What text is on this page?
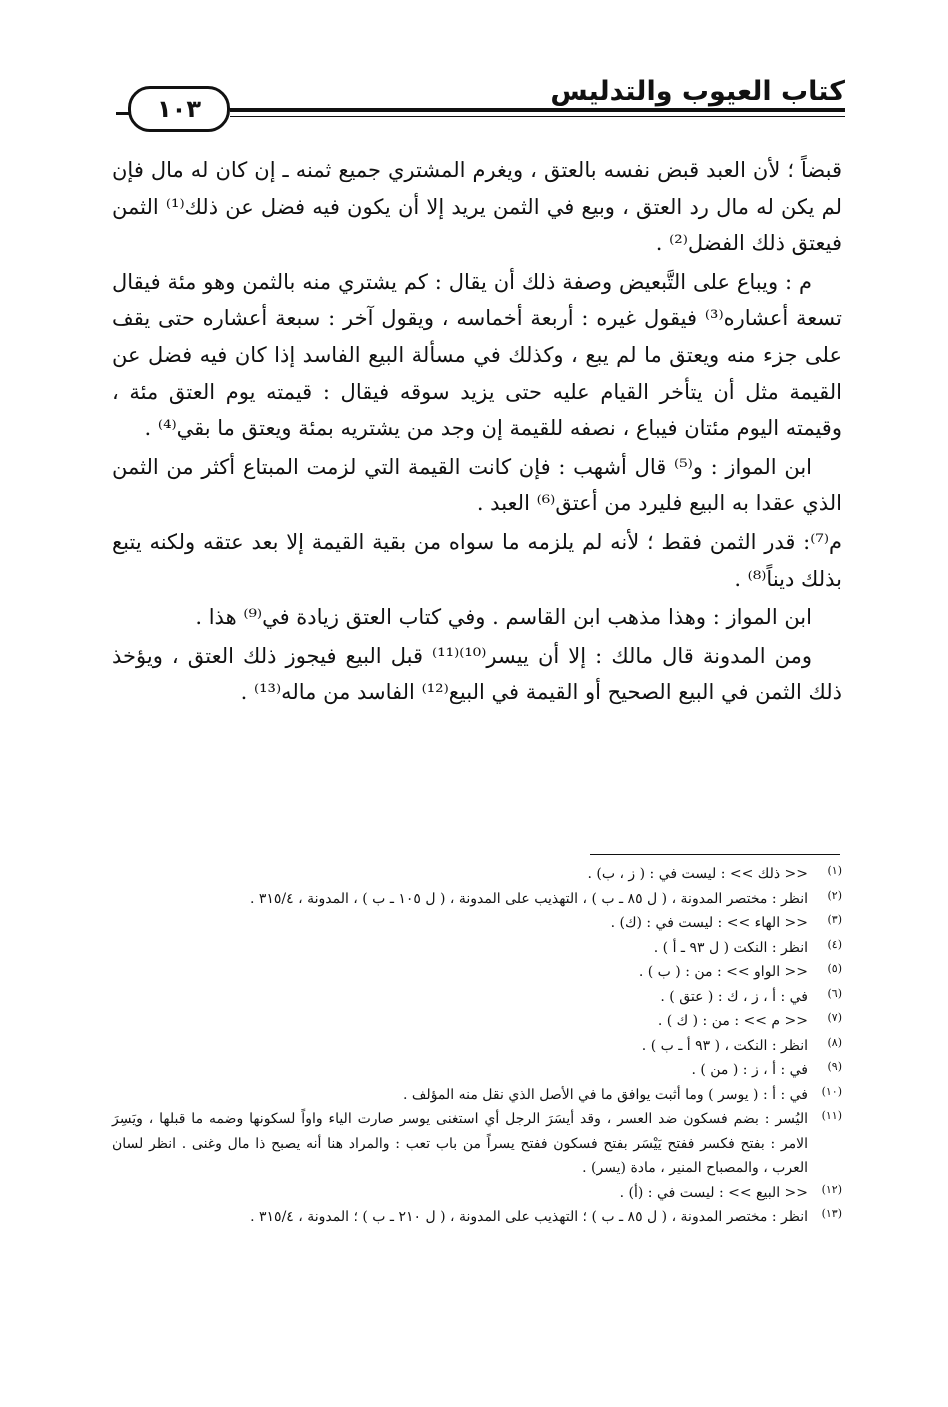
كتاب العيوب والتدليس
١٠٣

قبضاً ؛ لأن العبد قبض نفسه بالعتق ، ويغرم المشتري جميع ثمنه ـ إن كان له مال فإن لم يكن له مال رد العتق ، وبيع في الثمن يريد إلا أن يكون فيه فضل عن ذلك⁽¹⁾ الثمن فيعتق ذلك الفضل⁽²⁾ .

م : ويباع على التَّبعيض وصفة ذلك أن يقال : كم يشتري منه بالثمن وهو مئة فيقال تسعة أعشاره⁽³⁾ فيقول غيره : أربعة أخماسه ، ويقول آخر : سبعة أعشاره حتى يقف على جزء منه ويعتق ما لم يبع ، وكذلك في مسألة البيع الفاسد إذا كان فيه فضل عن القيمة مثل أن يتأخر القيام عليه حتى يزيد سوقه فيقال : قيمته يوم العتق مئة ، وقيمته اليوم مئتان فيباع ، نصفه للقيمة إن وجد من يشتريه بمئة ويعتق ما بقي⁽⁴⁾ .

ابن المواز : و⁽⁵⁾ قال أشهب : فإن كانت القيمة التي لزمت المبتاع أكثر من الثمن الذي عقدا به البيع فليرد من أعتق⁽⁶⁾ العبد .

م⁽⁷⁾: قدر الثمن فقط ؛ لأنه لم يلزمه ما سواه من بقية القيمة إلا بعد عتقه ولكنه يتبع بذلك ديناً⁽⁸⁾ .

ابن المواز : وهذا مذهب ابن القاسم . وفي كتاب العتق زيادة في⁽⁹⁾ هذا .

ومن المدونة قال مالك : إلا أن ييسر⁽¹⁰⁾⁽¹¹⁾ قبل البيع فيجوز ذلك العتق ، ويؤخذ ذلك الثمن في البيع الصحيح أو القيمة في البيع⁽¹²⁾ الفاسد من ماله⁽¹³⁾ .

(١)
<< ذلك >> : ليست في : ( ز ، ب) .
(٢)
انظر : مختصر المدونة ، ( ل ٨٥ ـ ب ) ، التهذيب على المدونة ، ( ل ١٠٥ ـ ب ) ، المدونة ، ٣١٥/٤ .
(٣)
<< الهاء >> : ليست في : (ك) .
(٤)
انظر : النكت ( ل ٩٣ ـ أ ) .
(٥)
<< الواو >> : من : ( ب ) .
(٦)
في : أ ، ز ، ك : ( عتق ) .
(٧)
<< م >> : من : ( ك ) .
(٨)
انظر : النكت ، ( ٩٣ أ ـ ب ) .
(٩)
في : أ ، ز : ( من ) .
(١٠)
في : أ : ( يوسر ) وما أثبت يوافق ما في الأصل الذي نقل منه المؤلف .
(١١)
اليُسر : بضم فسكون ضد العسر ، وقد أيسَرَ الرجل أي استغنى يوسر صارت الياء واواً لسكونها وضمه ما قبلها ، ويَسِرَ الامر : بفتح فكسر ففتح يَيْسَر بفتح فسكون ففتح يسراً من باب تعب : والمراد هنا أنه يصبح ذا مال وغنى . انظر لسان العرب ، والمصباح المنير ، مادة (يسر) .
(١٢)
<< البيع >> : ليست في : (أ) .
(١٣)
انظر : مختصر المدونة ، ( ل ٨٥ ـ ب ) ؛ التهذيب على المدونة ، ( ل ٢١٠ ـ ب ) ؛ المدونة ، ٣١٥/٤ .
